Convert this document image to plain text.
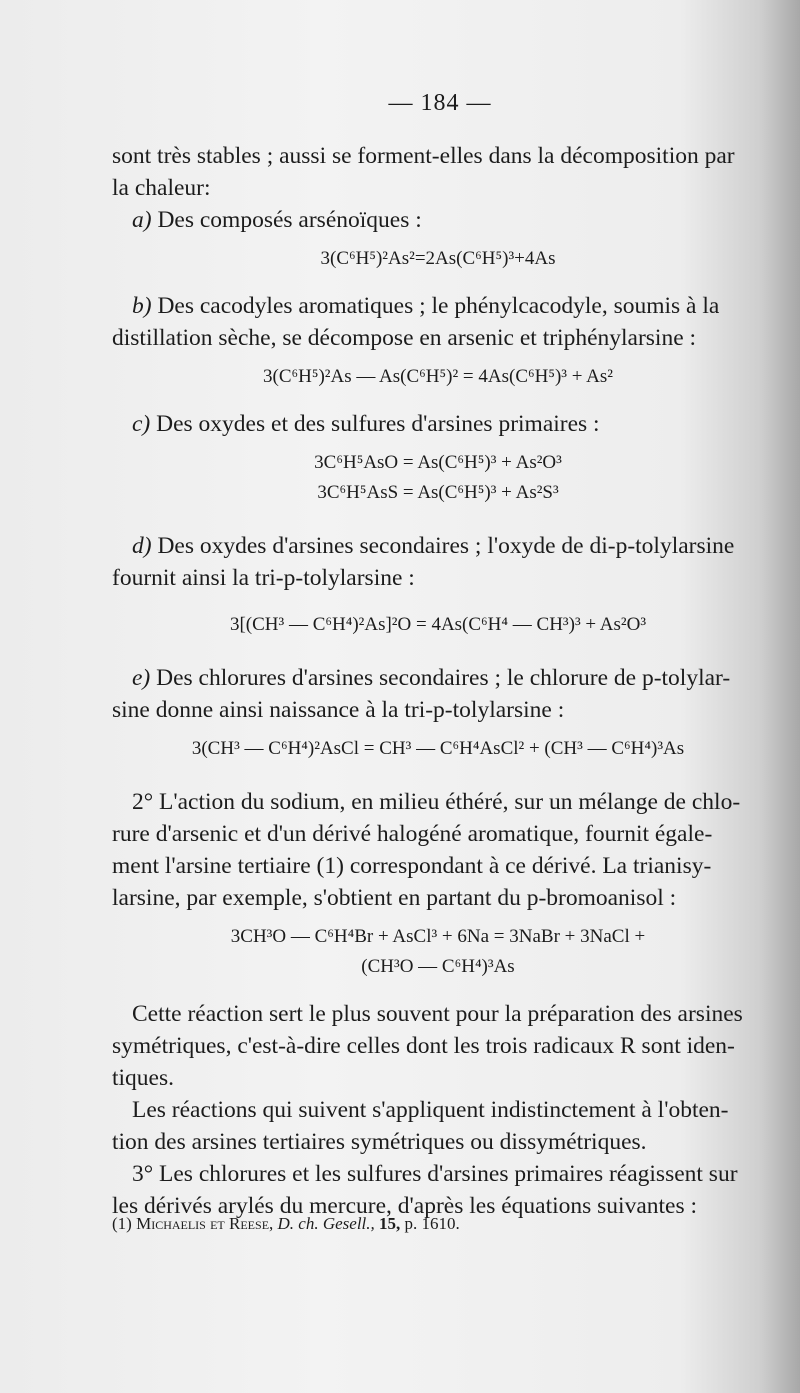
— 184 —
sont très stables ; aussi se forment-elles dans la décomposition par
la chaleur:
a) Des composés arsénoïques :
3(C⁶H⁵)²As²=2As(C⁶H⁵)³+4As
b) Des cacodyles aromatiques ; le phénylcacodyle, soumis à la
distillation sèche, se décompose en arsenic et triphénylarsine :
3(C⁶H⁵)²As — As(C⁶H⁵)² = 4As(C⁶H⁵)³ + As²
c) Des oxydes et des sulfures d'arsines primaires :
3C⁶H⁵AsO = As(C⁶H⁵)³ + As²O³
3C⁶H⁵AsS = As(C⁶H⁵)³ + As²S³
d) Des oxydes d'arsines secondaires ; l'oxyde de di-p-tolylarsine
fournit ainsi la tri-p-tolylarsine :
3[(CH³ — C⁶H⁴)²As]²O = 4As(C⁶H⁴ — CH³)³ + As²O³
e) Des chlorures d'arsines secondaires ; le chlorure de p-tolylar-
sine donne ainsi naissance à la tri-p-tolylarsine :
3(CH³ — C⁶H⁴)²AsCl = CH³ — C⁶H⁴AsCl² + (CH³ — C⁶H⁴)³As
2° L'action du sodium, en milieu éthéré, sur un mélange de chlo-
rure d'arsenic et d'un dérivé halogéné aromatique, fournit égale-
ment l'arsine tertiaire (1) correspondant à ce dérivé. La trianisy-
larsine, par exemple, s'obtient en partant du p-bromoanisol :
3CH³O — C⁶H⁴Br + AsCl³ + 6Na = 3NaBr + 3NaCl +
(CH³O — C⁶H⁴)³As
Cette réaction sert le plus souvent pour la préparation des arsines
symétriques, c'est-à-dire celles dont les trois radicaux R sont iden-
tiques.
Les réactions qui suivent s'appliquent indistinctement à l'obten-
tion des arsines tertiaires symétriques ou dissymétriques.
3° Les chlorures et les sulfures d'arsines primaires réagissent sur
les dérivés arylés du mercure, d'après les équations suivantes :
(1) Michaelis et Reese, D. ch. Gesell., 15, p. 1610.
